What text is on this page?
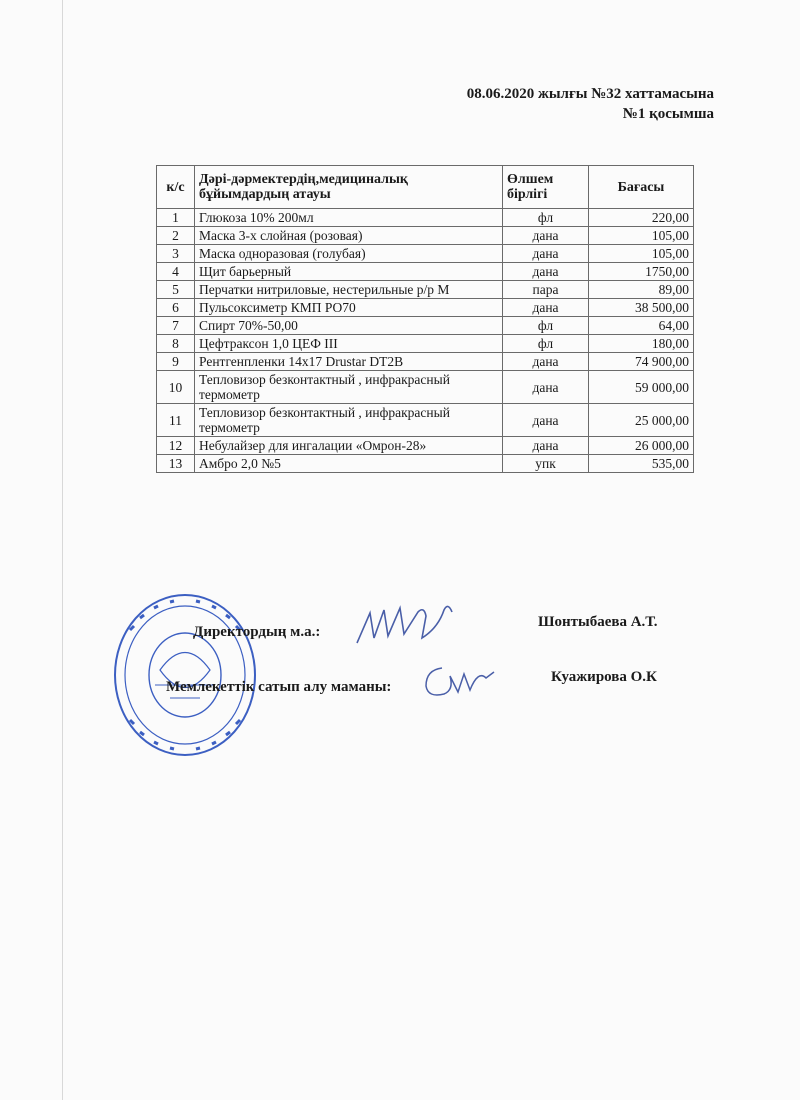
08.06.2020 жылғы №32 хаттамасына
№1 қосымша
к/с	Дәрі-дәрмектердің,медициналық бұйымдардың атауы	Өлшем бірлігі	Бағасы
1	Глюкоза 10% 200мл	фл	220,00
2	Маска 3-х слойная (розовая)	дана	105,00
3	Маска одноразовая (голубая)	дана	105,00
4	Щит барьерный	дана	1750,00
5	Перчатки нитриловые, нестерильные р/р М	пара	89,00
6	Пульсоксиметр КМП РО70	дана	38 500,00
7	Спирт 70%-50,00	фл	64,00
8	Цефтраксон 1,0 ЦЕФ III	фл	180,00
9	Рентгенпленки 14х17 Drustar DT2B	дана	74 900,00
10	Тепловизор безконтактный , инфракрасный термометр	дана	59 000,00
11	Тепловизор безконтактный , инфракрасный термометр	дана	25 000,00
12	Небулайзер для ингалации «Омрон-28»	дана	26 000,00
13	Амбро 2,0 №5	упк	535,00
Директордың м.а.:
Шонтыбаева А.Т.
Мемлекеттік сатып алу маманы:
Куажирова О.К
